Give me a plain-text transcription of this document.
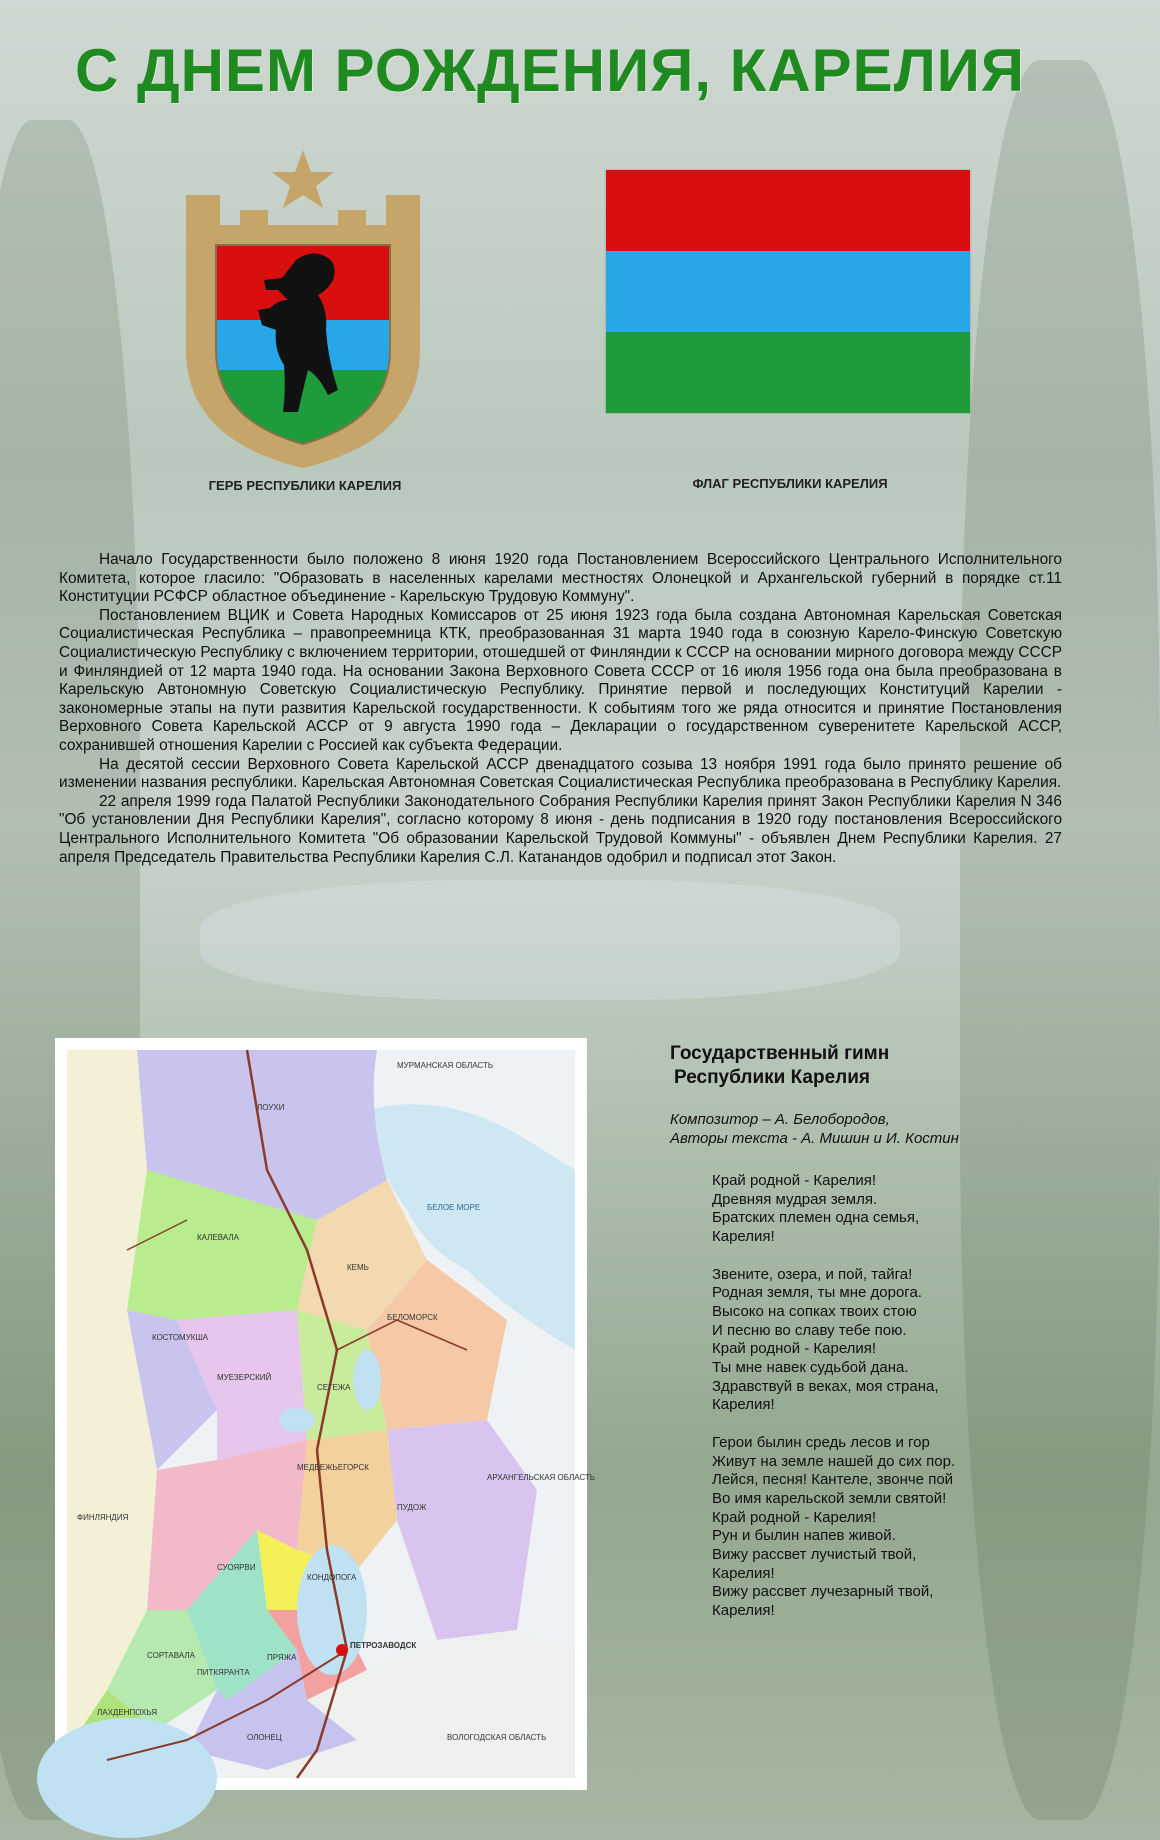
С ДНЕМ РОЖДЕНИЯ, КАРЕЛИЯ
ГЕРБ РЕСПУБЛИКИ КАРЕЛИЯ	ФЛАГ РЕСПУБЛИКИ КАРЕЛИЯ

Начало Государственности было положено 8 июня 1920 года Постановлением Всероссийского Центрального Исполнительного Комитета, которое гласило: "Образовать в населенных карелами местностях Олонецкой и Архангельской губерний в порядке ст.11 Конституции РСФСР областное объединение - Карельскую Трудовую Коммуну".

Постановлением ВЦИК и Совета Народных Комиссаров от 25 июня 1923 года была создана Автономная Карельская Советская Социалистическая Республика – правопреемница КТК, преобразованная 31 марта 1940 года в союзную Карело-Финскую Советскую Социалистическую Республику с включением территории, отошедшей от Финляндии к СССР на основании мирного договора между СССР и Финляндией от 12 марта 1940 года. На основании Закона Верховного Совета СССР от 16 июля 1956 года она была преобразована в Карельскую Автономную Советскую Социалистическую Республику. Принятие первой и последующих Конституций Карелии - закономерные этапы на пути развития Карельской государственности. К событиям того же ряда относится и принятие Постановления Верховного Совета Карельской АССР от 9 августа 1990 года – Декларации о государственном суверенитете Карельской АССР, сохранившей отношения Карелии с Россией как субъекта Федерации.

На десятой сессии Верховного Совета Карельской АССР двенадцатого созыва 13 ноября 1991 года было принято решение об изменении названия республики. Карельская Автономная Советская Социалистическая Республика преобразована в Республику Карелия.

22 апреля 1999 года Палатой Республики Законодательного Собрания Республики Карелия принят Закон Республики Карелия N 346 "Об установлении Дня Республики Карелия", согласно которому 8 июня - день подписания в 1920 году постановления Всероссийского Центрального Исполнительного Комитета "Об образовании Карельской Трудовой Коммуны" - объявлен Днем Республики Карелия. 27 апреля Председатель Правительства Республики Карелия С.Л. Катанандов одобрил и подписал этот Закон.

МУРМАНСКАЯ ОБЛАСТЬ
БЕЛОЕ МОРЕ
ФИНЛЯНДИЯ
АРХАНГЕЛЬСКАЯ ОБЛАСТЬ
ВОЛОГОДСКАЯ ОБЛАСТЬ
КОСТОМУКША
БЕЛОМОРСК
КЕМЬ
СЕГЕЖА
МЕДВЕЖЬЕГОРСК
ПУДОЖ
КОНДОПОГА
ПЕТРОЗАВОДСК
СУОЯРВИ
СОРТАВАЛА
ПИТКЯРАНТА
ЛАХДЕНПОХЬЯ
ОЛОНЕЦ
ПРЯЖА
ЛОУХИ
КАЛЕВАЛА
МУЕЗЕРСКИЙ
Государственный гимн
Республики Карелия
Композитор – А. Белобородов,
Авторы текста - А. Мишин и И. Костин
Край родной - Карелия!
Древняя мудрая земля.
Братских племен одна семья,
Карелия!
Звените, озера, и пой, тайга!
Родная земля, ты мне дорога.
Высоко на сопках твоих стою
И песню во славу тебе пою.
Край родной - Карелия!
Ты мне навек судьбой дана.
Здравствуй в веках, моя страна,
Карелия!
Герои былин средь лесов и гор
Живут на земле нашей до сих пор.
Лейся, песня! Кантеле, звонче пой
Во имя карельской земли святой!
Край родной - Карелия!
Рун и былин напев живой.
Вижу рассвет лучистый твой,
Карелия!
Вижу рассвет лучезарный твой,
Карелия!
